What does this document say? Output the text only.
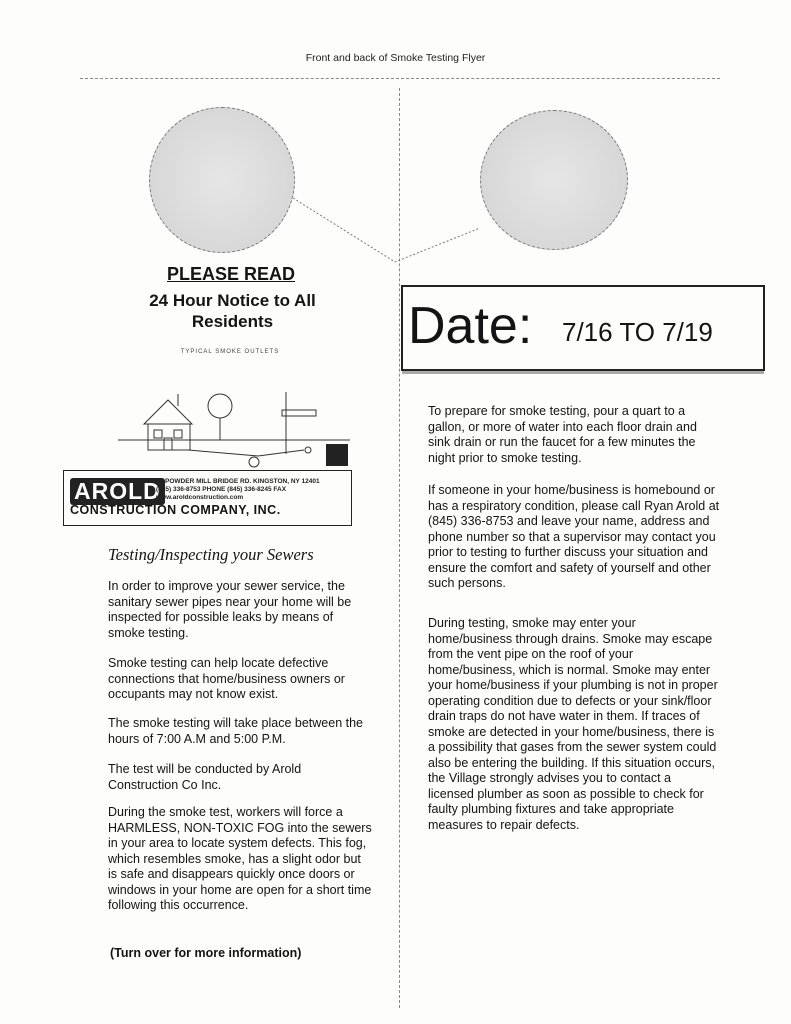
Front and back of Smoke Testing Flyer
PLEASE READ
24 Hour Notice to All Residents
TYPICAL SMOKE OUTLETS
AROLD
51 POWDER MILL BRIDGE RD. KINGSTON, NY 12401
(845) 336-8753 PHONE (845) 336-8245 FAX
www.aroldconstruction.com
CONSTRUCTION COMPANY, INC.
Testing/Inspecting your Sewers
In order to improve your sewer service, the sanitary sewer pipes near your home will be inspected for possible leaks by means of smoke testing.
Smoke testing can help locate defective connections that home/business owners or occupants may not know exist.
The smoke testing will take place between the hours of 7:00 A.M and 5:00 P.M.
The test will be conducted by Arold Construction Co Inc.
During the smoke test, workers will force a HARMLESS, NON-TOXIC FOG into the sewers in your area to locate system defects. This fog, which resembles smoke, has a slight odor but is safe and disappears quickly once doors or windows in your home are open for a short time following this occurrence.
(Turn over for more information)
Date: 7/16 TO 7/19
To prepare for smoke testing, pour a quart to a gallon, or more of water into each floor drain and sink drain or run the faucet for a few minutes the night prior to smoke testing.
If someone in your home/business is homebound or has a respiratory condition, please call Ryan Arold at (845) 336-8753 and leave your name, address and phone number so that a supervisor may contact you prior to testing to further discuss your situation and ensure the comfort and safety of yourself and other such persons.
During testing, smoke may enter your home/business through drains. Smoke may escape from the vent pipe on the roof of your home/business, which is normal. Smoke may enter your home/business if your plumbing is not in proper operating condition due to defects or your sink/floor drain traps do not have water in them. If traces of smoke are detected in your home/business, there is a possibility that gases from the sewer system could also be entering the building. If this situation occurs, the Village strongly advises you to contact a licensed plumber as soon as possible to check for faulty plumbing fixtures and take appropriate measures to repair defects.
